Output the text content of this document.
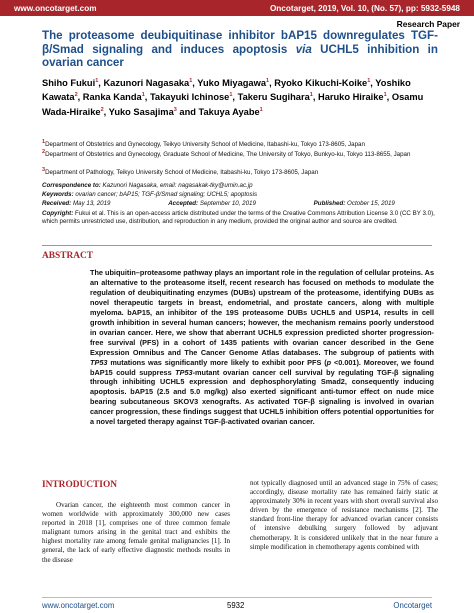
www.oncotarget.com	Oncotarget, 2019, Vol. 10, (No. 57), pp: 5932-5948
Research Paper
The proteasome deubiquitinase inhibitor bAP15 downregulates TGF-β/Smad signaling and induces apoptosis via UCHL5 inhibition in ovarian cancer
Shiho Fukui$^1$, Kazunori Nagasaka$^1$, Yuko Miyagawa$^1$, Ryoko Kikuchi-Koike$^1$, Yoshiko Kawata$^2$, Ranka Kanda$^1$, Takayuki Ichinose$^1$, Takeru Sugihara$^1$, Haruko Hiraike$^1$, Osamu Wada-Hiraike$^2$, Yuko Sasajima$^3$ and Takuya Ayabe$^1$
$^1$Department of Obstetrics and Gynecology, Teikyo University School of Medicine, Itabashi-ku, Tokyo 173-8605, Japan
$^2$Department of Obstetrics and Gynecology, Graduate School of Medicine, The University of Tokyo, Bunkyo-ku, Tokyo 113-8655, Japan
$^3$Department of Pathology, Teikyo University School of Medicine, Itabashi-ku, Tokyo 173-8605, Japan
Correspondence to: Kazunori Nagasaka, email: nagasakak-tky@umin.ac.jp
Keywords: ovarian cancer; bAP15; TGF-β/Smad signaling; UCHL5; apoptosis
Received: May 13, 2019	Accepted: September 10, 2019	Published: October 15, 2019
Copyright: Fukui et al. This is an open-access article distributed under the terms of the Creative Commons Attribution License 3.0 (CC BY 3.0), which permits unrestricted use, distribution, and reproduction in any medium, provided the original author and source are credited.
ABSTRACT
The ubiquitin–proteasome pathway plays an important role in the regulation of cellular proteins. As an alternative to the proteasome itself, recent research has focused on methods to modulate the regulation of deubiquitinating enzymes (DUBs) upstream of the proteasome, identifying DUBs as novel therapeutic targets in breast, endometrial, and prostate cancers, along with multiple myeloma. bAP15, an inhibitor of the 19S proteasome DUBs UCHL5 and USP14, results in cell growth inhibition in several human cancers; however, the mechanism remains poorly understood in ovarian cancer. Here, we show that aberrant UCHL5 expression predicted shorter progression-free survival (PFS) in a cohort of 1435 patients with ovarian cancer described in the Gene Expression Omnibus and The Cancer Genome Atlas databases. The subgroup of patients with TP53 mutations was significantly more likely to exhibit poor PFS (p <0.001). Moreover, we found bAP15 could suppress TP53-mutant ovarian cancer cell survival by regulating TGF-β signaling through inhibiting UCHL5 expression and dephosphorylating Smad2, consequently inducing apoptosis. bAP15 (2.5 and 5.0 mg/kg) also exerted significant anti-tumor effect on nude mice bearing subcutaneous SKOV3 xenografts. As activated TGF-β signaling is involved in ovarian cancer progression, these findings suggest that UCHL5 inhibition offers potential opportunities for a novel targeted therapy against TGF-β-activated ovarian cancer.
INTRODUCTION
Ovarian cancer, the eighteenth most common cancer in women worldwide with approximately 300,000 new cases reported in 2018 [1], comprises one of three common female malignant tumors arising in the genital tract and exhibits the highest mortality rate among female genital malignancies [1]. In general, the lack of early effective diagnostic methods results in the disease
not typically diagnosed until an advanced stage in 75% of cases; accordingly, disease mortality rate has remained fairly static at approximately 30% in recent years with short overall survival also driven by the emergence of resistance mechanisms [2]. The standard front-line therapy for advanced ovarian cancer consists of intensive debulking surgery followed by adjuvant chemotherapy. It is considered unlikely that in the near future a simple modification in chemotherapy agents combined with
www.oncotarget.com	5932	Oncotarget
